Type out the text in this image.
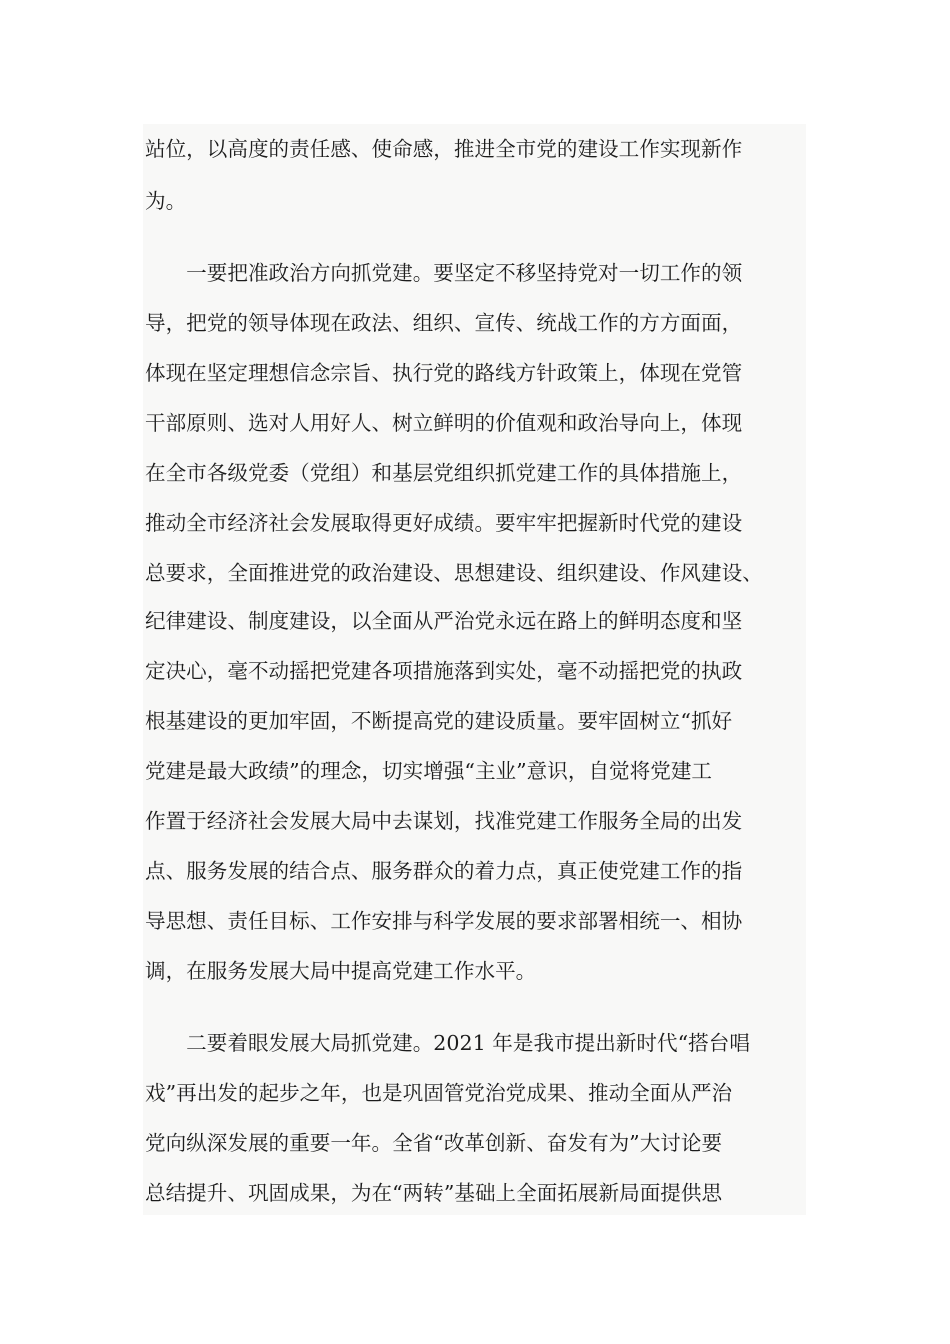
站位，以高度的责任感、使命感，推进全市党的建设工作实现新作

为。

　　一要把准政治方向抓党建。要坚定不移坚持党对一切工作的领

导，把党的领导体现在政法、组织、宣传、统战工作的方方面面，

体现在坚定理想信念宗旨、执行党的路线方针政策上，体现在党管

干部原则、选对人用好人、树立鲜明的价值观和政治导向上，体现

在全市各级党委（党组）和基层党组织抓党建工作的具体措施上，

推动全市经济社会发展取得更好成绩。要牢牢把握新时代党的建设

总要求，全面推进党的政治建设、思想建设、组织建设、作风建设、

纪律建设、制度建设，以全面从严治党永远在路上的鲜明态度和坚

定决心，毫不动摇把党建各项措施落到实处，毫不动摇把党的执政

根基建设的更加牢固，不断提高党的建设质量。要牢固树立“抓好

党建是最大政绩”的理念，切实增强“主业”意识，自觉将党建工

作置于经济社会发展大局中去谋划，找准党建工作服务全局的出发

点、服务发展的结合点、服务群众的着力点，真正使党建工作的指

导思想、责任目标、工作安排与科学发展的要求部署相统一、相协

调，在服务发展大局中提高党建工作水平。

　　二要着眼发展大局抓党建。2021 年是我市提出新时代“搭台唱

戏”再出发的起步之年，也是巩固管党治党成果、推动全面从严治

党向纵深发展的重要一年。全省“改革创新、奋发有为”大讨论要

总结提升、巩固成果，为在“两转”基础上全面拓展新局面提供思
